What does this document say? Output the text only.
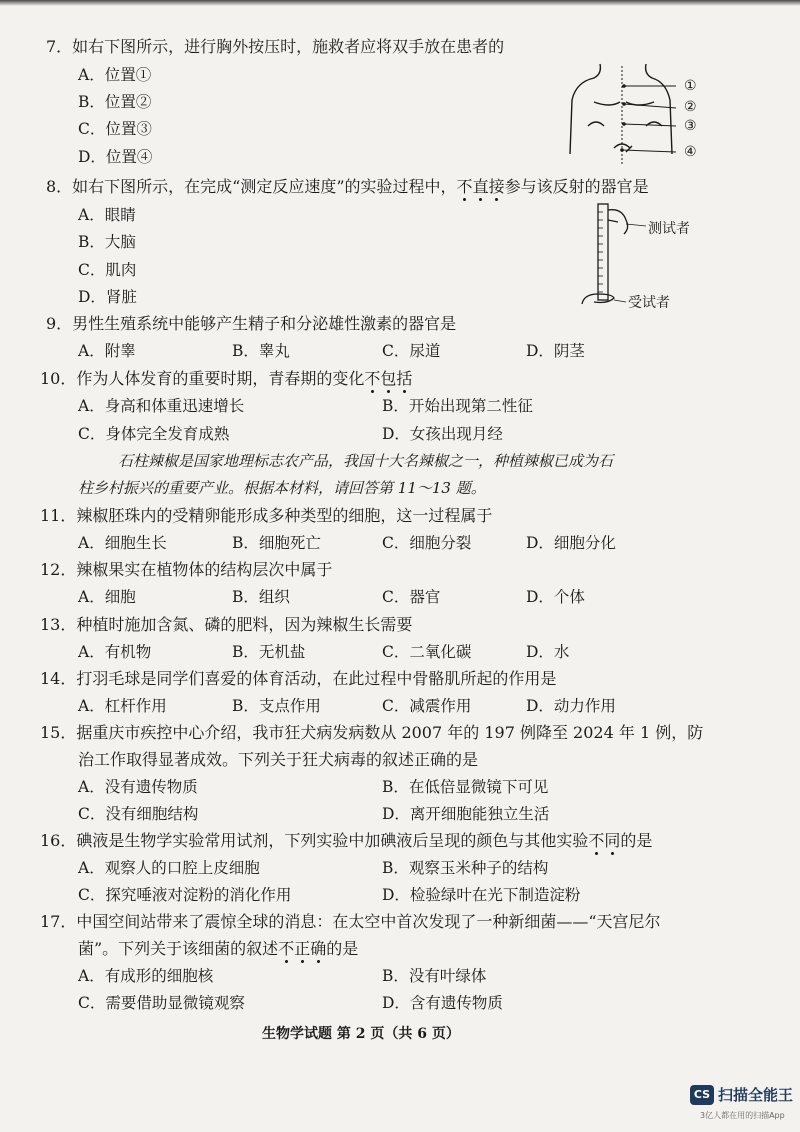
7．如右下图所示，进行胸外按压时，施救者应将双手放在患者的
A．位置①
B．位置②
C．位置③
D．位置④
①
②
③
④
8．如右下图所示，在完成“测定反应速度”的实验过程中，不直接参与该反射的器官是
A．眼睛
B．大脑
C．肌肉
D．肾脏
测试者
受试者
9．男性生殖系统中能够产生精子和分泌雄性激素的器官是
A．附睾	B．睾丸	C．尿道	D．阴茎
10．作为人体发育的重要时期，青春期的变化不包括
A．身高和体重迅速增长	B．开始出现第二性征
C．身体完全发育成熟	D．女孩出现月经
石柱辣椒是国家地理标志农产品，我国十大名辣椒之一，种植辣椒已成为石
柱乡村振兴的重要产业。根据本材料，请回答第 11～13 题。
11．辣椒胚珠内的受精卵能形成多种类型的细胞，这一过程属于
A．细胞生长	B．细胞死亡	C．细胞分裂	D．细胞分化
12．辣椒果实在植物体的结构层次中属于
A．细胞	B．组织	C．器官	D．个体
13．种植时施加含氮、磷的肥料，因为辣椒生长需要
A．有机物	B．无机盐	C．二氧化碳	D．水
14．打羽毛球是同学们喜爱的体育活动，在此过程中骨骼肌所起的作用是
A．杠杆作用	B．支点作用	C．减震作用	D．动力作用
15．据重庆市疾控中心介绍，我市狂犬病发病数从 2007 年的 197 例降至 2024 年 1 例，防
治工作取得显著成效。下列关于狂犬病毒的叙述正确的是
A．没有遗传物质	B．在低倍显微镜下可见
C．没有细胞结构	D．离开细胞能独立生活
16．碘液是生物学实验常用试剂，下列实验中加碘液后呈现的颜色与其他实验不同的是
A．观察人的口腔上皮细胞	B．观察玉米种子的结构
C．探究唾液对淀粉的消化作用	D．检验绿叶在光下制造淀粉
17．中国空间站带来了震惊全球的消息：在太空中首次发现了一种新细菌——“天宫尼尔
菌”。下列关于该细菌的叙述不正确的是
A．有成形的细胞核	B．没有叶绿体
C．需要借助显微镜观察	D．含有遗传物质
生物学试题 第 2 页（共 6 页）
CS 扫描全能王
3亿人都在用的扫描App
